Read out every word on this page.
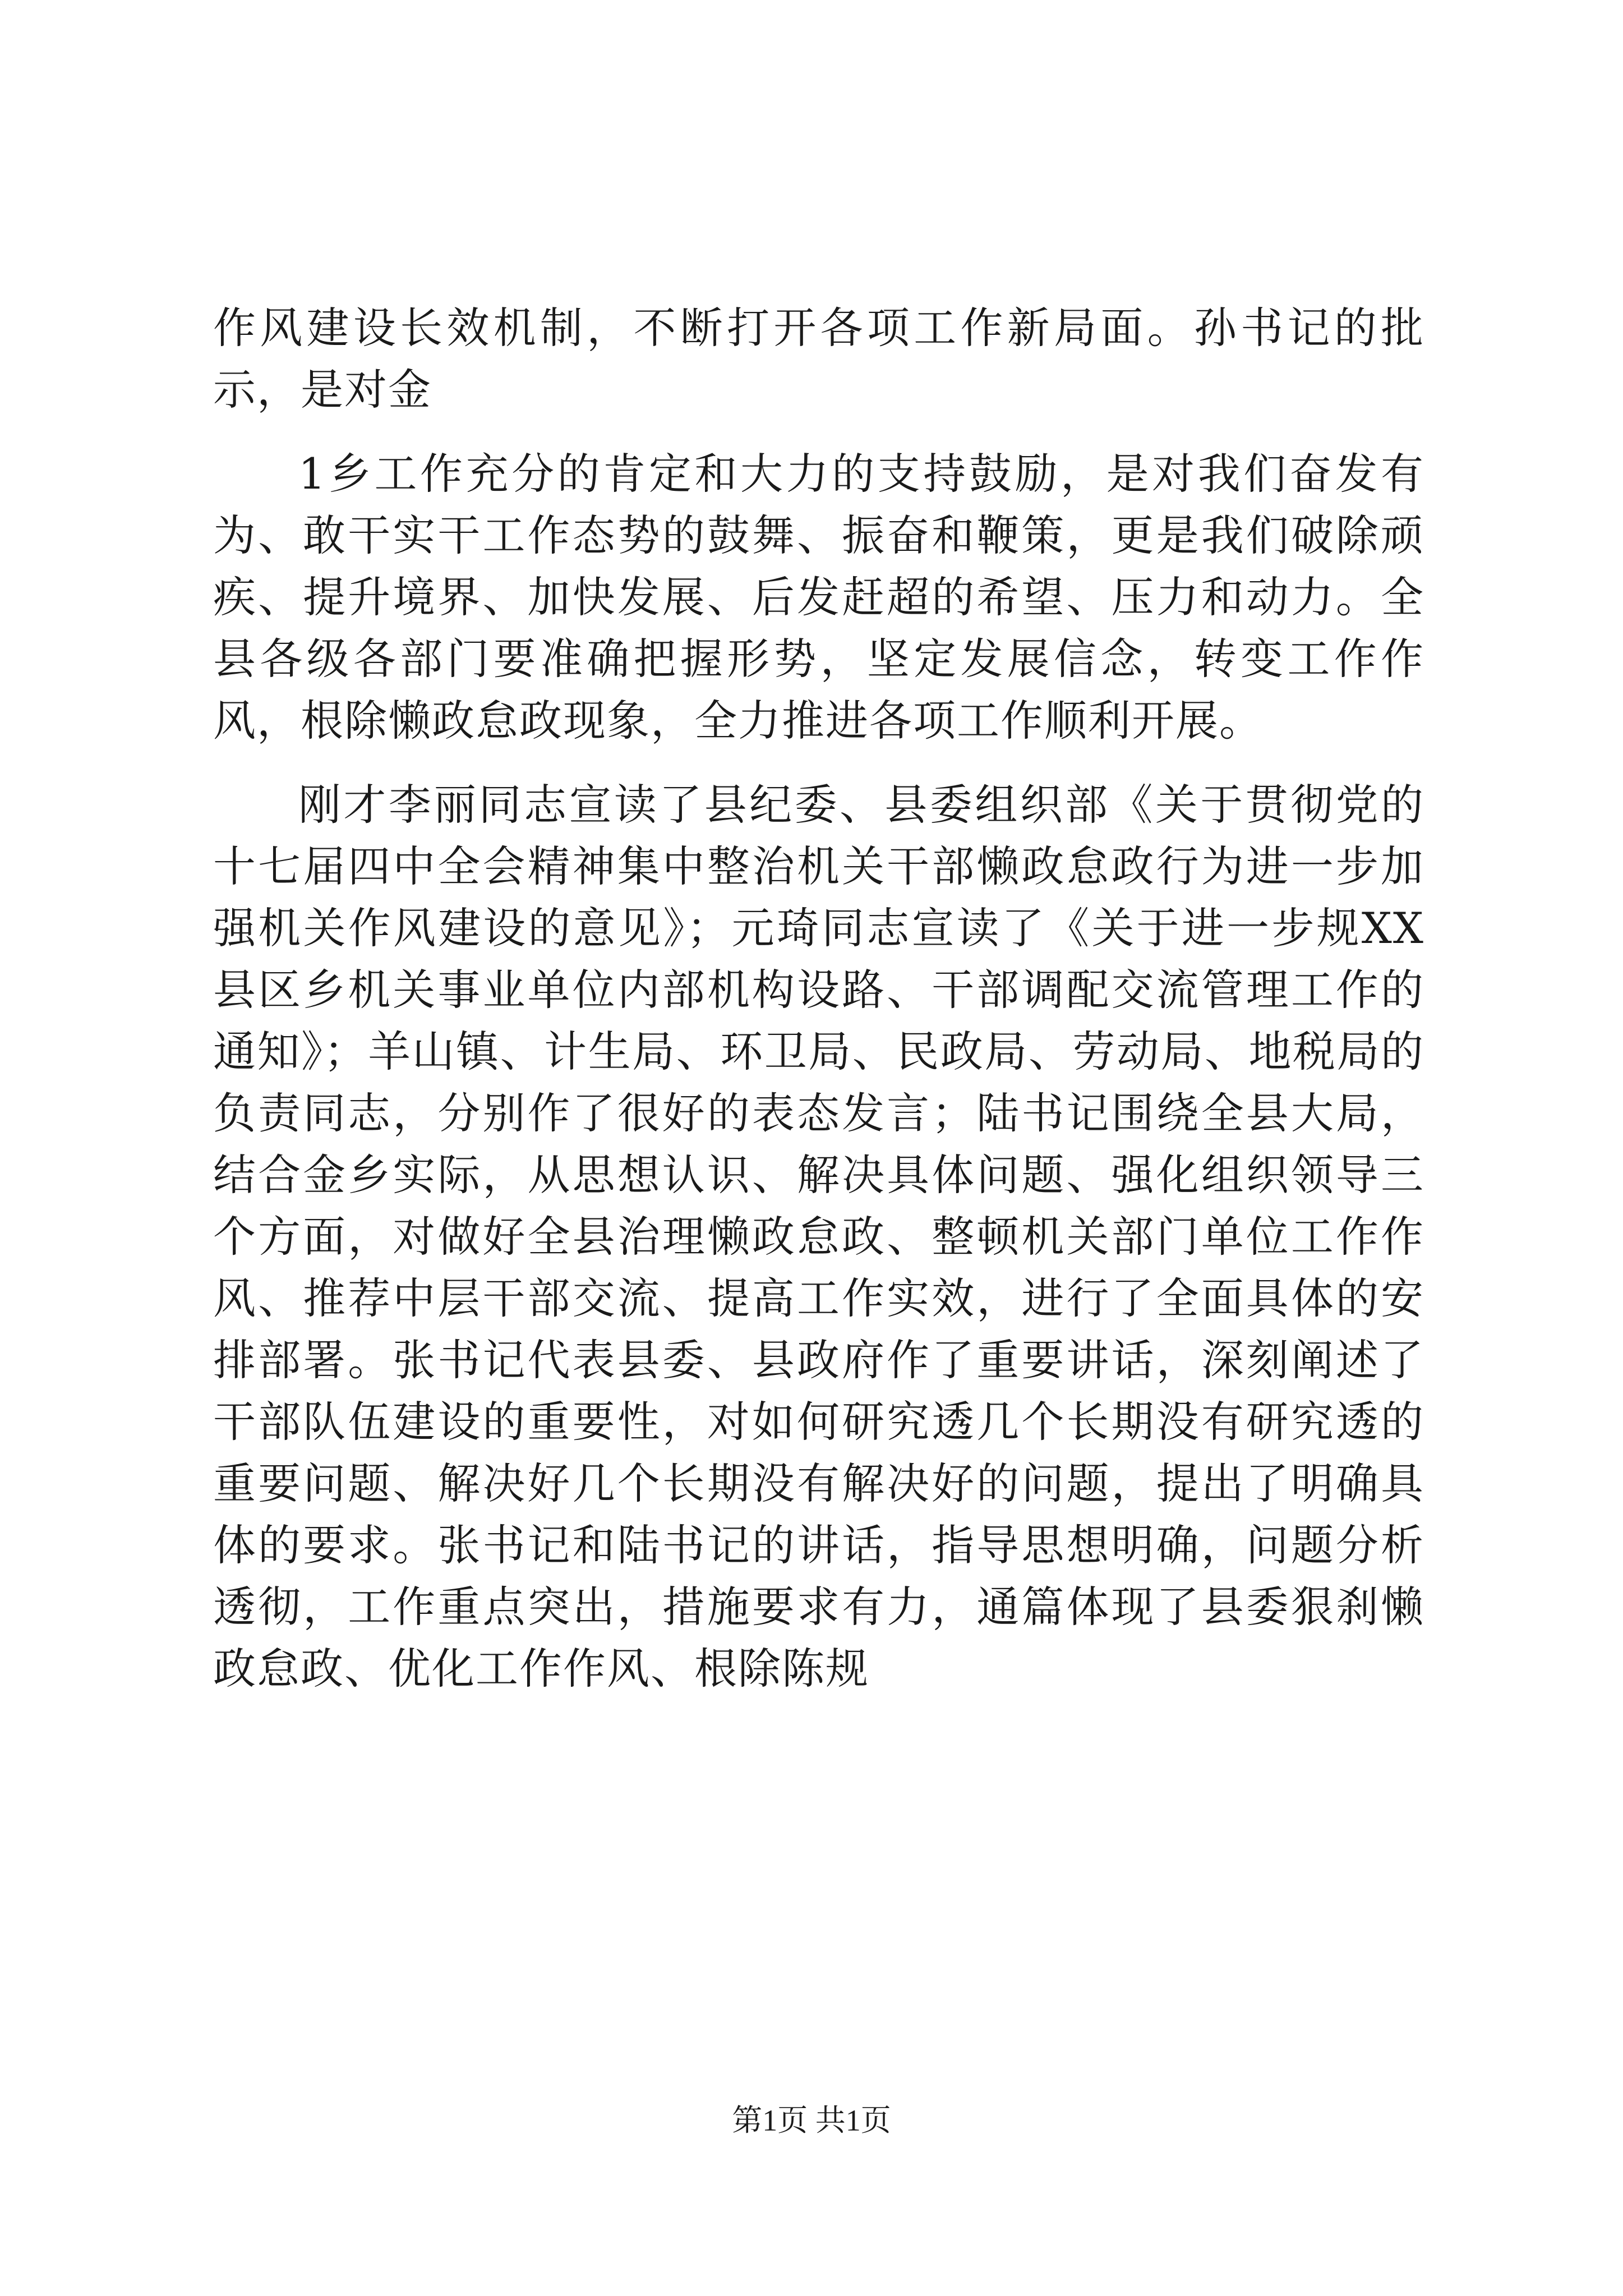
作风建设长效机制，不断打开各项工作新局面。孙书记的批示，是对金

1乡工作充分的肯定和大力的支持鼓励，是对我们奋发有为、敢干实干工作态势的鼓舞、振奋和鞭策，更是我们破除顽疾、提升境界、加快发展、后发赶超的希望、压力和动力。全县各级各部门要准确把握形势，坚定发展信念，转变工作作风，根除懒政怠政现象，全力推进各项工作顺利开展。

刚才李丽同志宣读了县纪委、县委组织部《关于贯彻党的十七届四中全会精神集中整治机关干部懒政怠政行为进一步加强机关作风建设的意见》；元琦同志宣读了《关于进一步规XX县区乡机关事业单位内部机构设路、干部调配交流管理工作的通知》；羊山镇、计生局、环卫局、民政局、劳动局、地税局的负责同志，分别作了很好的表态发言；陆书记围绕全县大局，结合金乡实际，从思想认识、解决具体问题、强化组织领导三个方面，对做好全县治理懒政怠政、整顿机关部门单位工作作风、推荐中层干部交流、提高工作实效，进行了全面具体的安排部署。张书记代表县委、县政府作了重要讲话，深刻阐述了干部队伍建设的重要性，对如何研究透几个长期没有研究透的重要问题、解决好几个长期没有解决好的问题，提出了明确具体的要求。张书记和陆书记的讲话，指导思想明确，问题分析透彻，工作重点突出，措施要求有力，通篇体现了县委狠刹懒政怠政、优化工作作风、根除陈规

第1页 共1页
